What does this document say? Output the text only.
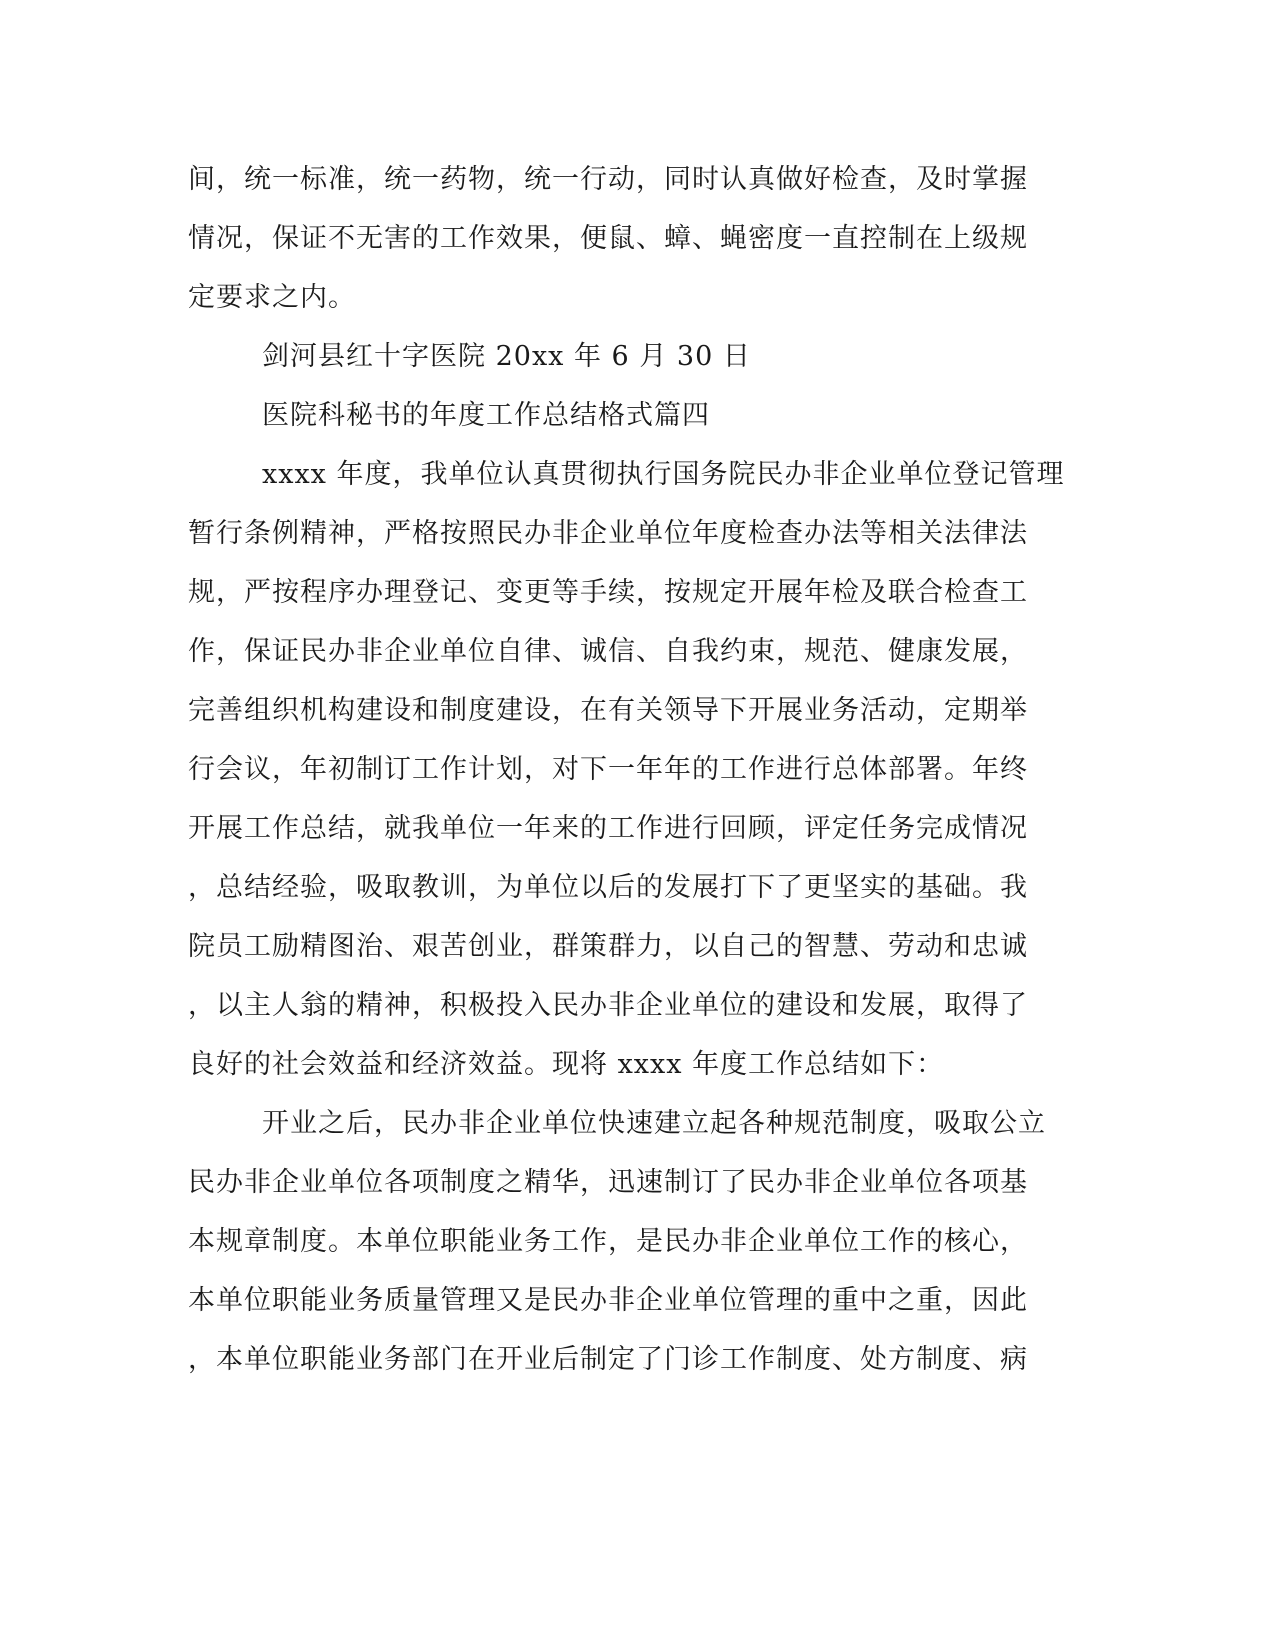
间，统一标准，统一药物，统一行动，同时认真做好检查，及时掌握
情况，保证不无害的工作效果，便鼠、蟑、蝇密度一直控制在上级规
定要求之内。
剑河县红十字医院 20xx 年 6 月 30 日
医院科秘书的年度工作总结格式篇四
xxxx 年度，我单位认真贯彻执行国务院民办非企业单位登记管理
暂行条例精神，严格按照民办非企业单位年度检查办法等相关法律法
规，严按程序办理登记、变更等手续，按规定开展年检及联合检查工
作，保证民办非企业单位自律、诚信、自我约束，规范、健康发展，
完善组织机构建设和制度建设，在有关领导下开展业务活动，定期举
行会议，年初制订工作计划，对下一年年的工作进行总体部署。年终
开展工作总结，就我单位一年来的工作进行回顾，评定任务完成情况
，总结经验，吸取教训，为单位以后的发展打下了更坚实的基础。我
院员工励精图治、艰苦创业，群策群力，以自己的智慧、劳动和忠诚
，以主人翁的精神，积极投入民办非企业单位的建设和发展，取得了
良好的社会效益和经济效益。现将 xxxx 年度工作总结如下：
开业之后，民办非企业单位快速建立起各种规范制度，吸取公立
民办非企业单位各项制度之精华，迅速制订了民办非企业单位各项基
本规章制度。本单位职能业务工作，是民办非企业单位工作的核心，
本单位职能业务质量管理又是民办非企业单位管理的重中之重，因此
，本单位职能业务部门在开业后制定了门诊工作制度、处方制度、病
